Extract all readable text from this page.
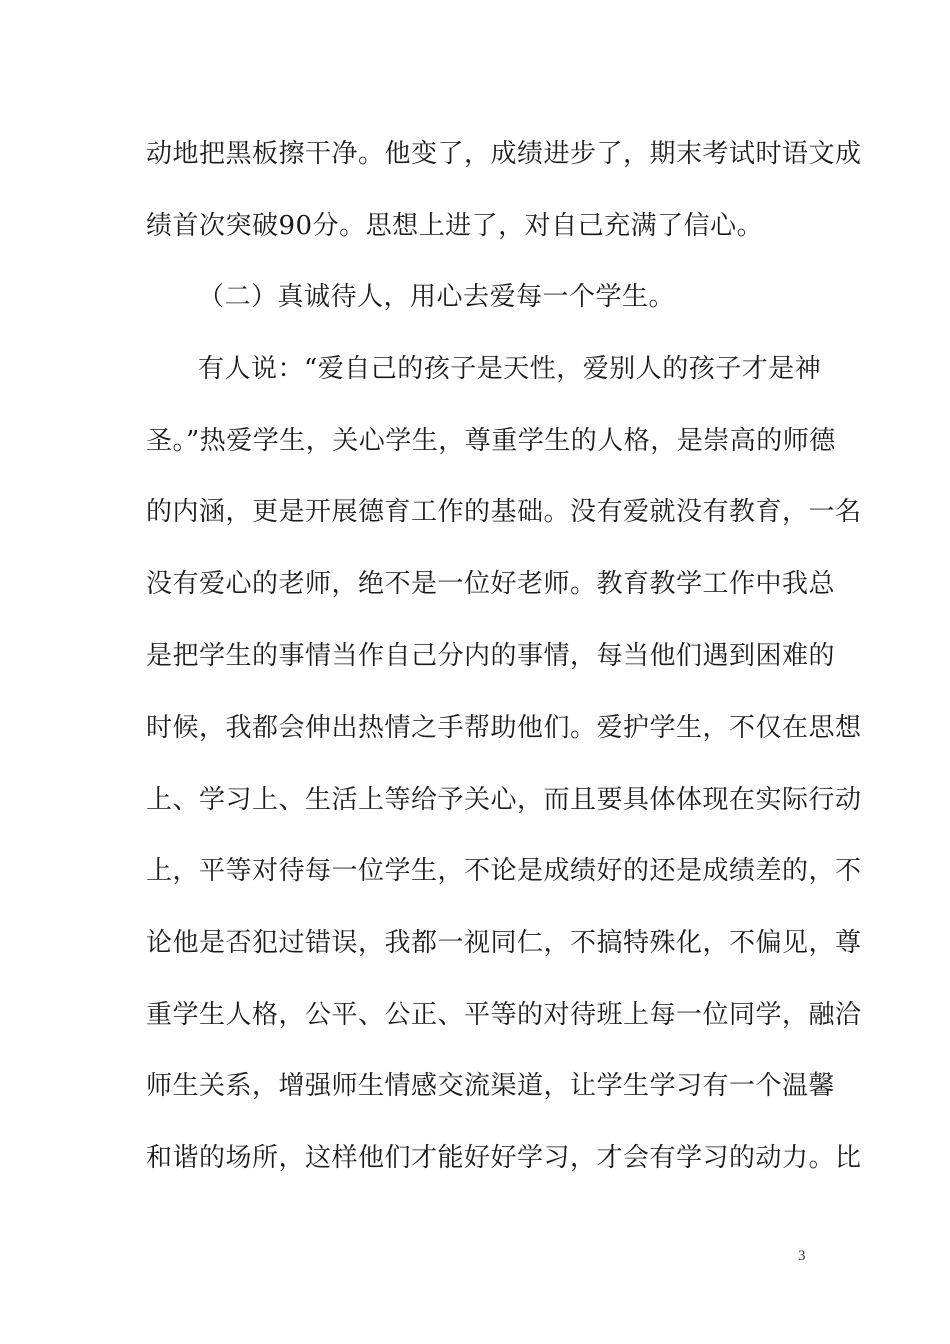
动地把黑板擦干净。他变了，成绩进步了，期末考试时语文成
绩首次突破90分。思想上进了，对自己充满了信心。
（二）真诚待人，用心去爱每一个学生。
有人说：“爱自己的孩子是天性，爱别人的孩子才是神
圣。”热爱学生，关心学生，尊重学生的人格，是崇高的师德
的内涵，更是开展德育工作的基础。没有爱就没有教育，一名
没有爱心的老师，绝不是一位好老师。教育教学工作中我总
是把学生的事情当作自己分内的事情，每当他们遇到困难的
时候，我都会伸出热情之手帮助他们。爱护学生，不仅在思想
上、学习上、生活上等给予关心，而且要具体体现在实际行动
上，平等对待每一位学生，不论是成绩好的还是成绩差的，不
论他是否犯过错误，我都一视同仁，不搞特殊化，不偏见，尊
重学生人格，公平、公正、平等的对待班上每一位同学，融洽
师生关系，增强师生情感交流渠道，让学生学习有一个温馨
和谐的场所，这样他们才能好好学习，才会有学习的动力。比
3
